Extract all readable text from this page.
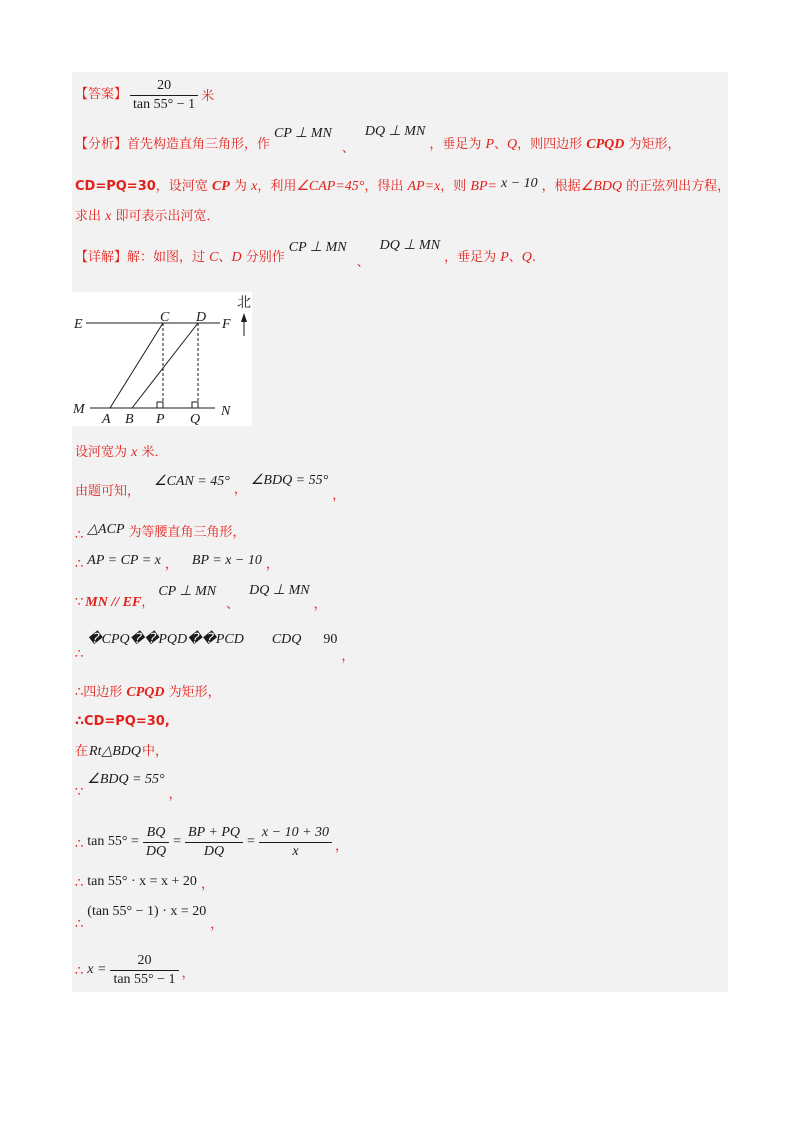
【答案】 $\frac{20}{\tan 55^\circ - 1}$ 米
【分析】 首先构造直角三角形，作
CP ⊥ MN
、
DQ ⊥ MN
，垂足为 P 、 Q ，则四边形 CPQD 为矩形，
CD=PQ=30 ，设河宽 CP 为 x ，利用 ∠CAP=45° ，得出 AP=x ，则 BP= x − 10 ，根据 ∠BDQ 的正弦列出方程，
求出 x 即可表示出河宽．
【详解】 解：如图，过 C 、 D 分别作
CP ⊥ MN
、
DQ ⊥ MN
，垂足为 P 、 Q .
E	C D F
M
A B P Q
N
北
设河宽为 x 米．
由题可知，
∠CAN = 45°
，
∠BDQ = 55°
，
∴ △ACP 为等腰直角三角形，
∴ AP = CP = x ， BP = x − 10 ，
∵ MN // EF ，
CP ⊥ MN
、
DQ ⊥ MN
，
∴
�CPQ��PQD��PCD CDQ 90
，
∴四边形 CPQD 为矩形，
∴CD=PQ=30,
在 Rt△BDQ 中，
∵
∠BDQ = 55°
，
∴ $\tan 55^\circ = \frac{BQ}{DQ} = \frac{BP + PQ}{DQ} = \frac{x - 10 + 30}{x}$ ，
∴ tan 55° · x = x + 20 ，
∴
(tan 55° − 1) · x = 20
，
∴ $x = \frac{20}{\tan 55^\circ - 1}$ ，
